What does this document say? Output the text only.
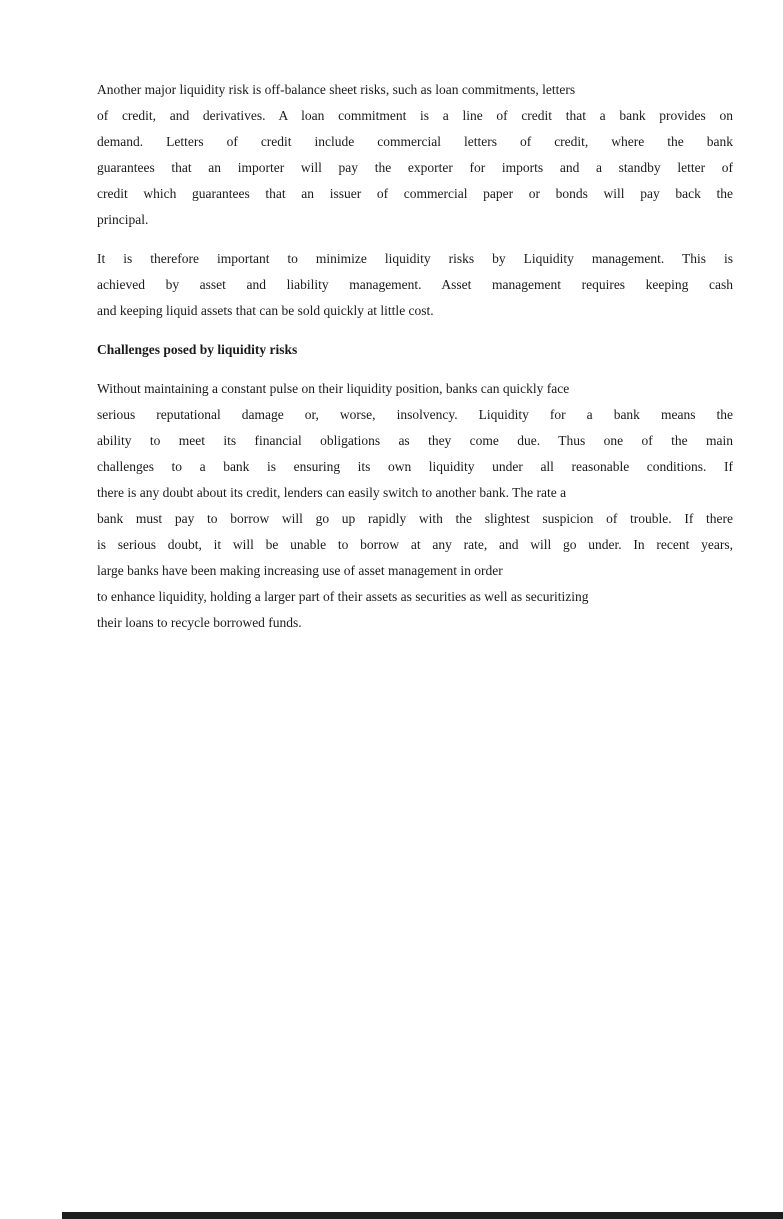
Another major liquidity risk is off-balance sheet risks, such as loan commitments, letters
of credit, and derivatives. A loan commitment is a line of credit that a bank provides on
demand. Letters of credit include commercial letters of credit, where the bank
guarantees that an importer will pay the exporter for imports and a standby letter of
credit which guarantees that an issuer of commercial paper or bonds will pay back the
principal.
It is therefore important to minimize liquidity risks by Liquidity management. This is
achieved by asset and liability management. Asset management requires keeping cash
and keeping liquid assets that can be sold quickly at little cost.
Challenges posed by liquidity risks
Without maintaining a constant pulse on their liquidity position, banks can quickly face
serious reputational damage or, worse, insolvency. Liquidity for a bank means the
ability to meet its financial obligations as they come due. Thus one of the main
challenges to a bank is ensuring its own liquidity under all reasonable conditions. If
there is any doubt about its credit, lenders can easily switch to another bank. The rate a
bank must pay to borrow will go up rapidly with the slightest suspicion of trouble. If there
is serious doubt, it will be unable to borrow at any rate, and will go under. In recent years,
large banks have been making increasing use of asset management in order
to enhance liquidity, holding a larger part of their assets as securities as well as securitizing
their loans to recycle borrowed funds.
